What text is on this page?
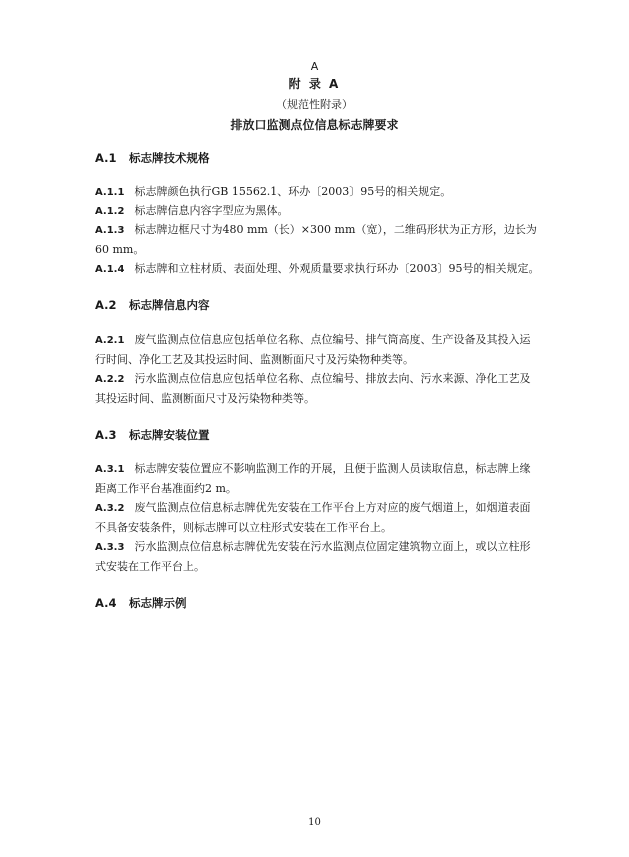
A
附 录 A
（规范性附录）
排放口监测点位信息标志牌要求
A.1 标志牌技术规格
A.1.1 标志牌颜色执行GB 15562.1、环办〔2003〕95号的相关规定。
A.1.2 标志牌信息内容字型应为黑体。
A.1.3 标志牌边框尺寸为480 mm（长）×300 mm（宽），二维码形状为正方形，边长为60 mm。
A.1.4 标志牌和立柱材质、表面处理、外观质量要求执行环办〔2003〕95号的相关规定。
A.2 标志牌信息内容
A.2.1 废气监测点位信息应包括单位名称、点位编号、排气筒高度、生产设备及其投入运行时间、净化工艺及其投运时间、监测断面尺寸及污染物种类等。
A.2.2 污水监测点位信息应包括单位名称、点位编号、排放去向、污水来源、净化工艺及其投运时间、监测断面尺寸及污染物种类等。
A.3 标志牌安装位置
A.3.1 标志牌安装位置应不影响监测工作的开展，且便于监测人员读取信息，标志牌上缘距离工作平台基准面约2 m。
A.3.2 废气监测点位信息标志牌优先安装在工作平台上方对应的废气烟道上，如烟道表面不具备安装条件，则标志牌可以立柱形式安装在工作平台上。
A.3.3 污水监测点位信息标志牌优先安装在污水监测点位固定建筑物立面上，或以立柱形式安装在工作平台上。
A.4 标志牌示例
10
